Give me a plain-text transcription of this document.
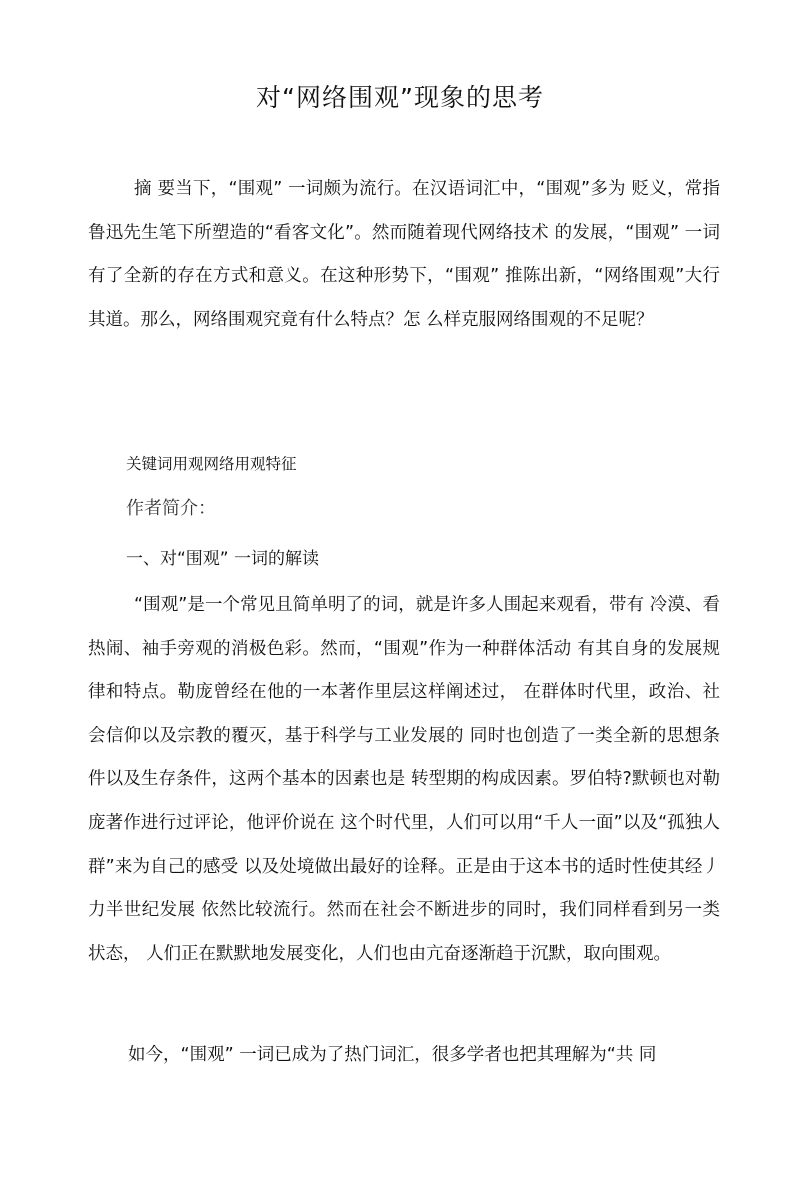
对“网络围观”现象的思考

摘 要当下，“围观” 一词颇为流行。在汉语词汇中，“围观”多为 贬义，常指鲁迅先生笔下所塑造的“看客文化”。然而随着现代网络技术 的发展，“围观” 一词有了全新的存在方式和意义。在这种形势下，“围观” 推陈出新，“网络围观”大行其道。那么，网络围观究竟有什么特点？怎 么样克服网络围观的不足呢？

关键词用观网络用观特征
作者简介：
一、对“围观” 一词的解读

“围观”是一个常见且简单明了的词，就是许多人围起来观看，带有 冷漠、看热闹、袖手旁观的消极色彩。然而，“围观”作为一种群体活动 有其自身的发展规律和特点。勒庞曾经在他的一本著作里层这样阐述过， 在群体时代里，政治、社会信仰以及宗教的覆灭，基于科学与工业发展的 同时也创造了一类全新的思想条件以及生存条件，这两个基本的因素也是 转型期的构成因素。罗伯特?默顿也对勒庞著作进行过评论，他评价说在 这个时代里，人们可以用“千人一面”以及“孤独人群”来为自己的感受 以及处境做出最好的诠释。正是由于这本书的适时性使其经丿力半世纪发展 依然比较流行。然而在社会不断进步的同时，我们同样看到另一类状态， 人们正在默默地发展变化，人们也由亢奋逐渐趋于沉默，取向围观。

如今，“围观” 一词已成为了热门词汇，很多学者也把其理解为“共 同
